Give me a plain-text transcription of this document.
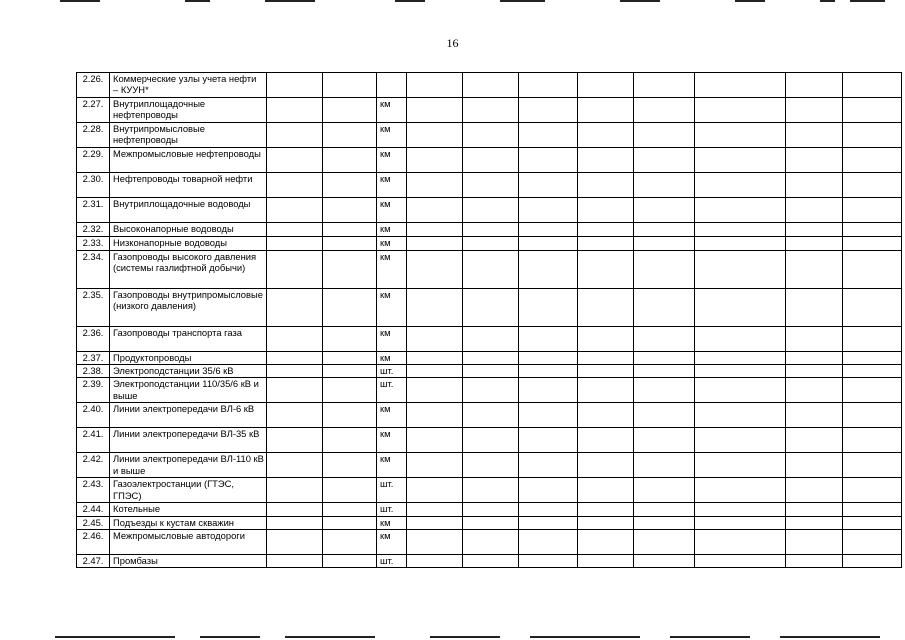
16
2.26.	Коммерческие узлы учета нефти – КУУН*											
2.27.	Внутриплощадочные нефтепроводы			км								
2.28.	Внутрипромысловые нефтепроводы			км								
2.29.	Межпромысловые нефтепроводы			км								
2.30.	Нефтепроводы товарной нефти			км								
2.31.	Внутриплощадочные водоводы			км								
2.32.	Высоконапорные водоводы			км								
2.33.	Низконапорные водоводы			км								
2.34.	Газопроводы высокого давления (системы газлифтной добычи)			км								
2.35.	Газопроводы внутрипромысловые (низкого давления)			км								
2.36.	Газопроводы транспорта газа			км								
2.37.	Продуктопроводы			км								
2.38.	Электроподстанции 35/6 кВ			шт.								
2.39.	Электроподстанции 110/35/6 кВ и выше			шт.								
2.40.	Линии электропередачи ВЛ-6 кВ			км								
2.41.	Линии электропередачи ВЛ-35 кВ			км								
2.42.	Линии электропередачи ВЛ-110 кВ и выше			км								
2.43.	Газоэлектростанции (ГТЭС, ГПЭС)			шт.								
2.44.	Котельные			шт.								
2.45.	Подъезды к кустам скважин			км								
2.46.	Межпромысловые автодороги			км								
2.47.	Промбазы			шт.								
